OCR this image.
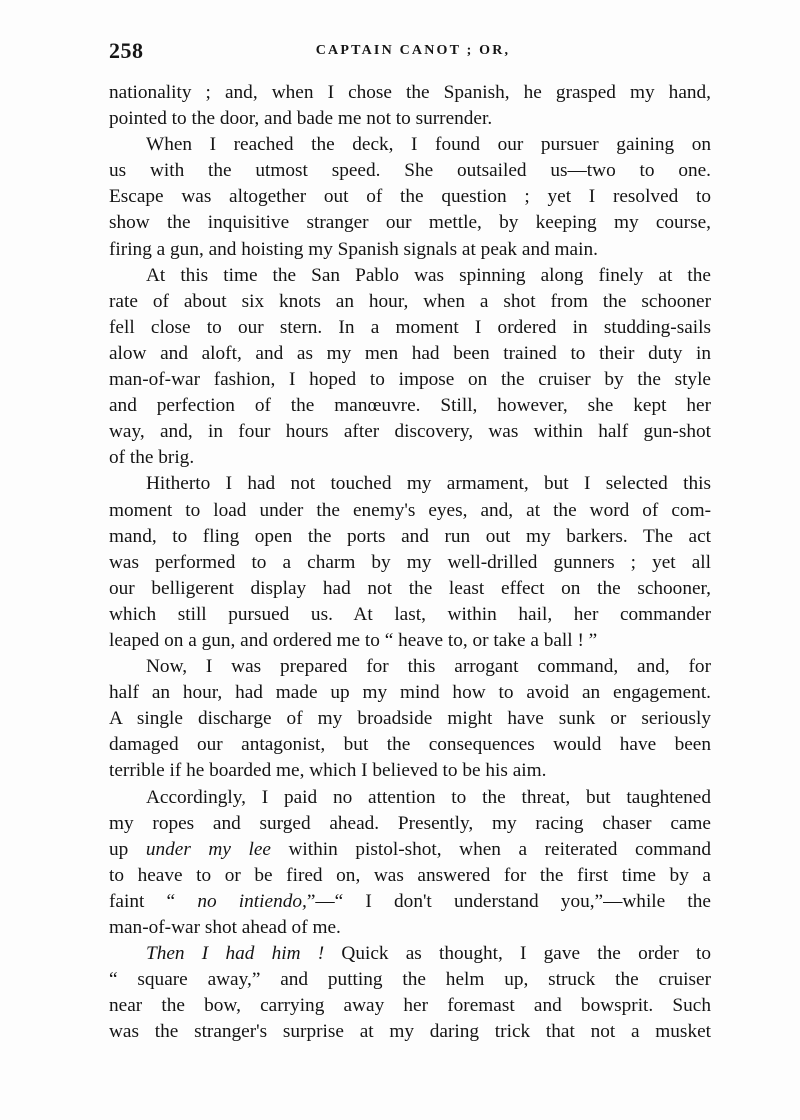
258	CAPTAIN CANOT ; OR,
nationality ; and, when I chose the Spanish, he grasped my hand,
pointed to the door, and bade me not to surrender.
When I reached the deck, I found our pursuer gaining on
us with the utmost speed. She outsailed us—two to one.
Escape was altogether out of the question ; yet I resolved to
show the inquisitive stranger our mettle, by keeping my course,
firing a gun, and hoisting my Spanish signals at peak and main.
At this time the San Pablo was spinning along finely at the
rate of about six knots an hour, when a shot from the schooner
fell close to our stern. In a moment I ordered in studding-sails
alow and aloft, and as my men had been trained to their duty in
man-of-war fashion, I hoped to impose on the cruiser by the style
and perfection of the manœuvre. Still, however, she kept her
way, and, in four hours after discovery, was within half gun-shot
of the brig.
Hitherto I had not touched my armament, but I selected this
moment to load under the enemy's eyes, and, at the word of com-
mand, to fling open the ports and run out my barkers. The act
was performed to a charm by my well-drilled gunners ; yet all
our belligerent display had not the least effect on the schooner,
which still pursued us. At last, within hail, her commander
leaped on a gun, and ordered me to “ heave to, or take a ball ! ”
Now, I was prepared for this arrogant command, and, for
half an hour, had made up my mind how to avoid an engagement.
A single discharge of my broadside might have sunk or seriously
damaged our antagonist, but the consequences would have been
terrible if he boarded me, which I believed to be his aim.
Accordingly, I paid no attention to the threat, but taughtened
my ropes and surged ahead. Presently, my racing chaser came
up under my lee within pistol-shot, when a reiterated command
to heave to or be fired on, was answered for the first time by a
faint “ no intiendo,”—“ I don't understand you,”—while the
man-of-war shot ahead of me.
Then I had him ! Quick as thought, I gave the order to
“ square away,” and putting the helm up, struck the cruiser
near the bow, carrying away her foremast and bowsprit. Such
was the stranger's surprise at my daring trick that not a musket
